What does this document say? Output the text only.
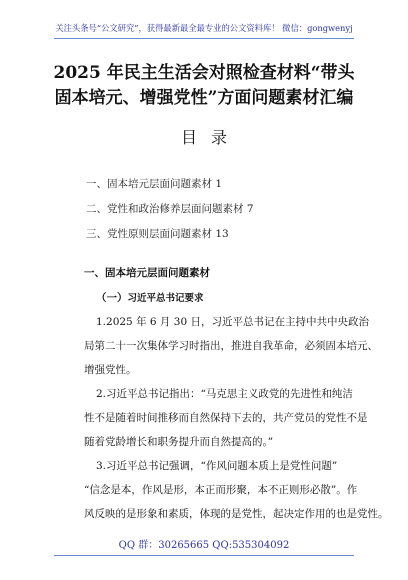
关注头条号“公文研究”，获得最新最全最专业的公文资料库！ 微信：gongwenyj
2025 年民主生活会对照检查材料“带头
固本培元、增强党性”方面问题素材汇编
目录
一、固本培元层面问题素材 1
二、党性和政治修养层面问题素材 7
三、党性原则层面问题素材 13
一、固本培元层面问题素材
（一）习近平总书记要求
1.2025 年 6 月 30 日，习近平总书记在主持中共中央政治
局第二十一次集体学习时指出，推进自我革命，必须固本培元、
增强党性。
2.习近平总书记指出：“马克思主义政党的先进性和纯洁
性不是随着时间推移而自然保持下去的，共产党员的党性不是
随着党龄增长和职务提升而自然提高的。”
3.习近平总书记强调，“作风问题本质上是党性问题”
“信念是本，作风是形，本正而形聚，本不正则形必散”。作
风反映的是形象和素质，体现的是党性，起决定作用的也是党性。
QQ 群：30265665 QQ:535304092
